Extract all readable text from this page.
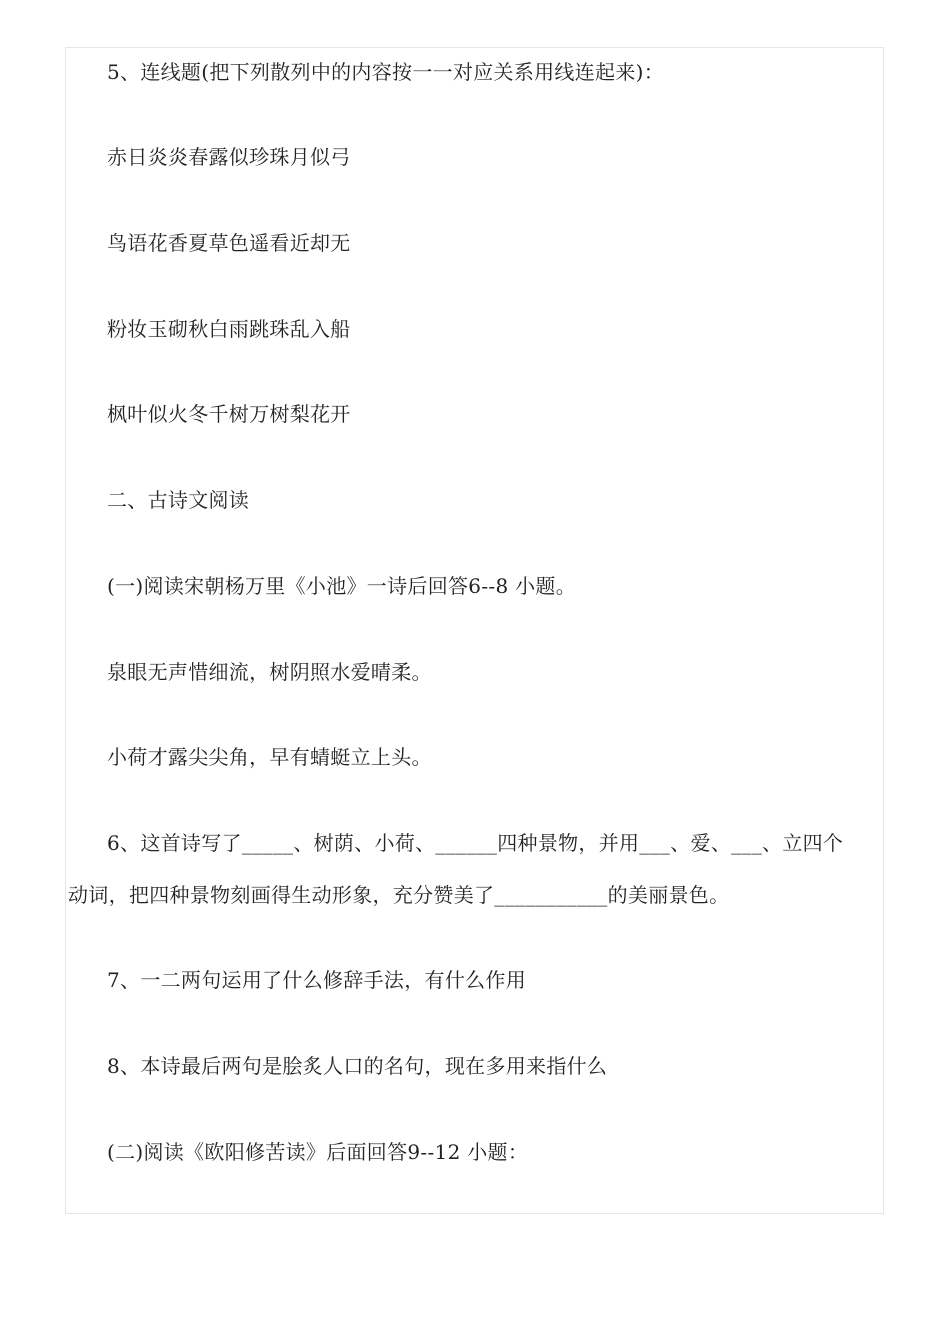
5、连线题(把下列散列中的内容按一一对应关系用线连起来)：
赤日炎炎春露似珍珠月似弓
鸟语花香夏草色遥看近却无
粉妆玉砌秋白雨跳珠乱入船
枫叶似火冬千树万树梨花开
二、古诗文阅读
(一)阅读宋朝杨万里《小池》一诗后回答6--8 小题。
泉眼无声惜细流，树阴照水爱晴柔。
小荷才露尖尖角，早有蜻蜓立上头。
6、这首诗写了_____、树荫、小荷、______四种景物，并用___、爱、___、立四个
动词，把四种景物刻画得生动形象，充分赞美了___________的美丽景色。
7、一二两句运用了什么修辞手法，有什么作用
8、本诗最后两句是脍炙人口的名句，现在多用来指什么
(二)阅读《欧阳修苦读》后面回答9--12 小题：
